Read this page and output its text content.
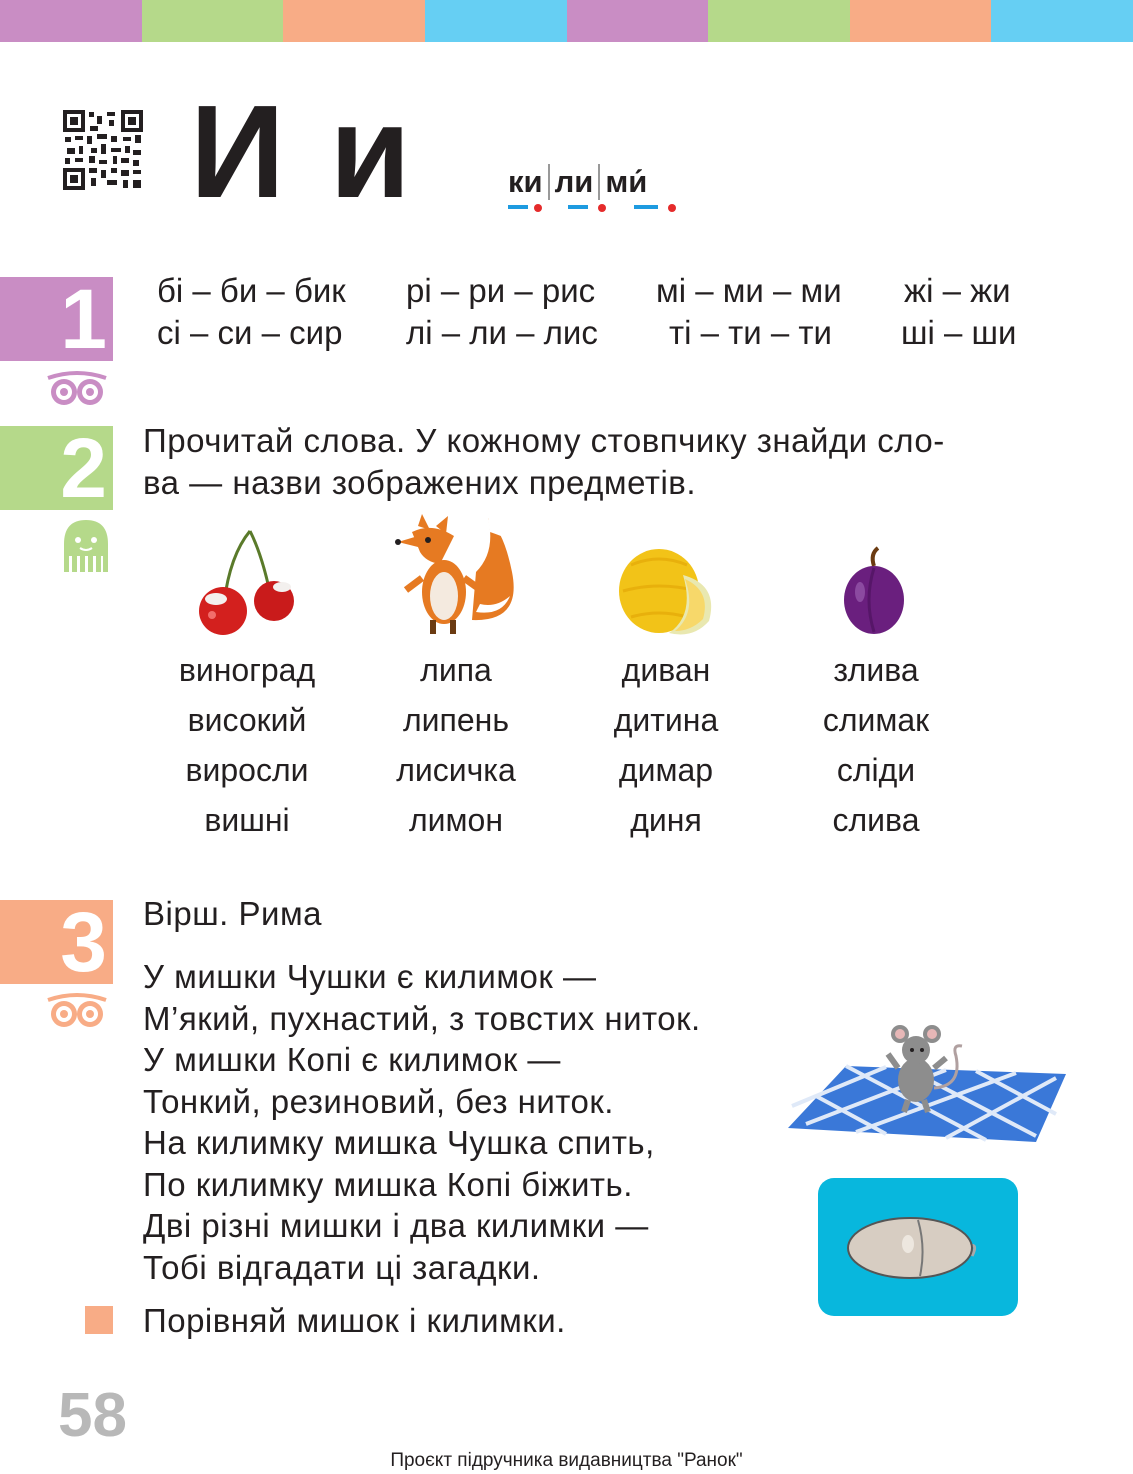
И и	ки ли ми́
1 бі – би – бик рі – ри – рис мі – ми – ми жі – жи
сі – си – сир лі – ли – лис ті – ти – ти ші – ши
2 Прочитай слова. У кожному стовпчику знайди сло-
ва — назви зображених предметів.
виноград
високий
виросли
вишні
липа
липень
лисичка
лимон
диван
дитина
димар
диня
злива
слимак
сліди
слива
3 Вірш. Рима
У мишки Чушки є килимок —
М’який, пухнастий, з товстих ниток.
У мишки Копі є килимок —
Тонкий, резиновий, без ниток.
На килимку мишка Чушка спить,
По килимку мишка Копі біжить.
Дві різні мишки і два килимки —
Тобі відгадати ці загадки.
Порівняй мишок і килимки.
58
Проєкт підручника видавництва "Ранок"
